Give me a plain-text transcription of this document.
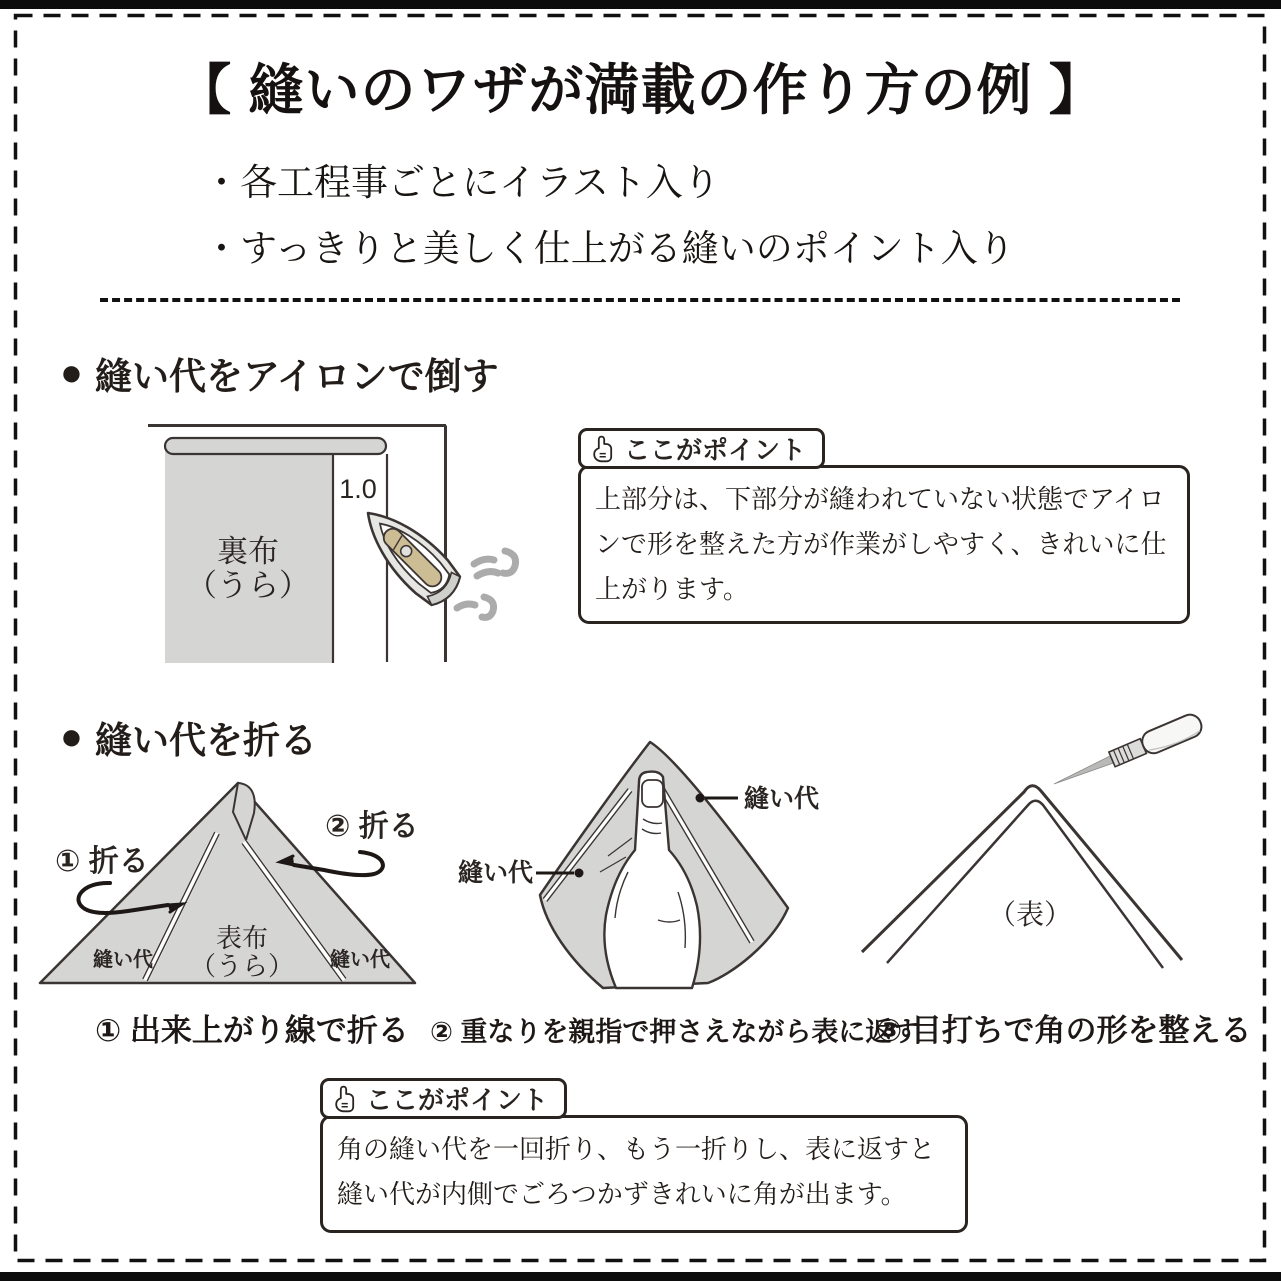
【 縫いのワザが満載の作り方の例 】
・各工程事ごとにイラスト入り
・すっきりと美しく仕上がる縫いのポイント入り
● 縫い代をアイロンで倒す
1.0
裏布
（うら）
ここがポイント
上部分は、下部分が縫われていない状態でアイロンで形を整えた方が作業がしやすく、きれいに仕上がります。
● 縫い代を折る
① 折る
② 折る
縫い代	縫い代
表布
（うら）
① 出来上がり線で折る
縫い代
縫い代
② 重なりを親指で押さえながら表に返す
（表）
③ 目打ちで角の形を整える
ここがポイント
角の縫い代を一回折り、もう一折りし、表に返すと縫い代が内側でごろつかずきれいに角が出ます。
